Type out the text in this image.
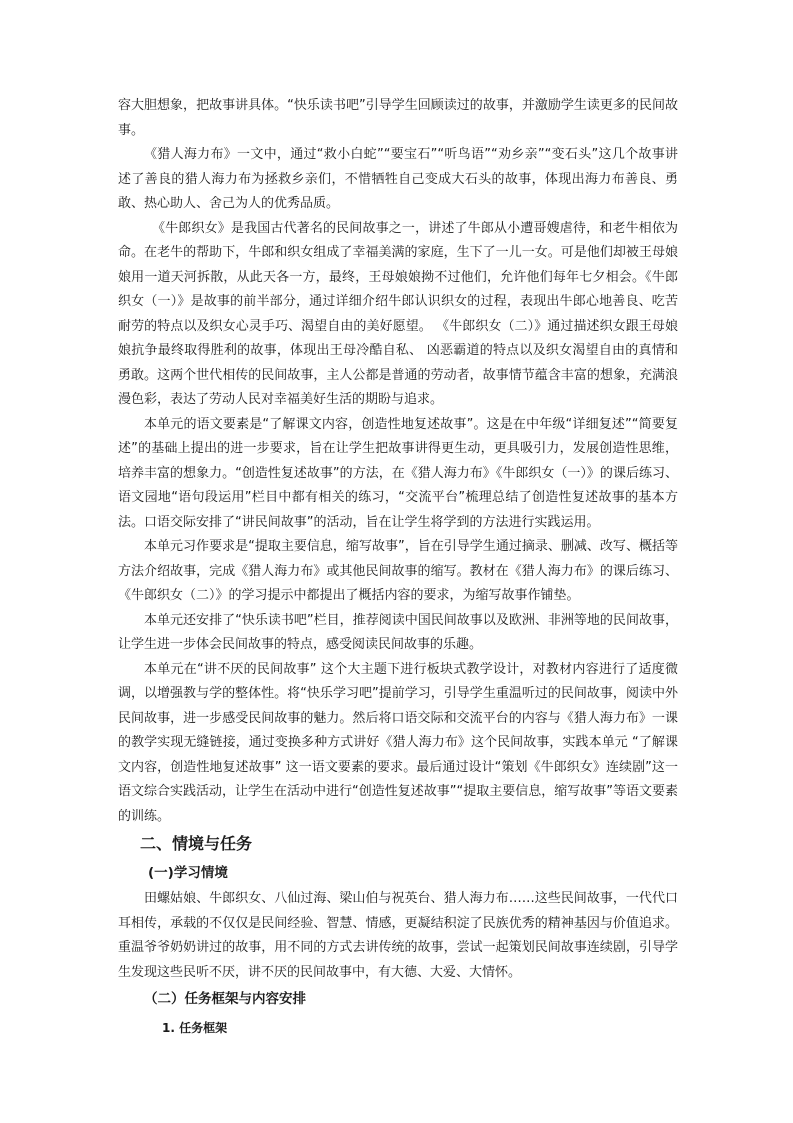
容大胆想象，把故事讲具体。“快乐读书吧”引导学生回顾读过的故事，并激励学生读更多的民间故事。

《猎人海力布》一文中，通过“救小白蛇”“要宝石”“听鸟语”“劝乡亲”“变石头”这几个故事讲述了善良的猎人海力布为拯救乡亲们，不惜牺牲自己变成大石头的故事，体现出海力布善良、勇敢、热心助人、舍己为人的优秀品质。

《牛郎织女》是我国古代著名的民间故事之一，讲述了牛郎从小遭哥嫂虐待，和老牛相依为命。在老牛的帮助下，牛郎和织女组成了幸福美满的家庭，生下了一儿一女。可是他们却被王母娘娘用一道天河拆散，从此天各一方，最终，王母娘娘拗不过他们，允许他们每年七夕相会。《牛郎织女（一）》是故事的前半部分，通过详细介绍牛郎认识织女的过程，表现出牛郎心地善良、吃苦耐劳的特点以及织女心灵手巧、渴望自由的美好愿望。 《牛郎织女（二）》通过描述织女跟王母娘娘抗争最终取得胜利的故事，体现出王母冷酷自私、 凶恶霸道的特点以及织女渴望自由的真情和勇敢。这两个世代相传的民间故事，主人公都是普通的劳动者，故事情节蕴含丰富的想象，充满浪漫色彩，表达了劳动人民对幸福美好生活的期盼与追求。

本单元的语文要素是“了解课文内容，创造性地复述故事”。这是在中年级“详细复述”“简要复述”的基础上提出的进一步要求，旨在让学生把故事讲得更生动，更具吸引力，发展创造性思维，培养丰富的想象力。“创造性复述故事”的方法，在《猎人海力布》《牛郎织女（一）》的课后练习、语文园地“语句段运用”栏目中都有相关的练习，“交流平台”梳理总结了创造性复述故事的基本方法。口语交际安排了“讲民间故事”的活动，旨在让学生将学到的方法进行实践运用。

本单元习作要求是“提取主要信息，缩写故事”，旨在引导学生通过摘录、删减、改写、概括等方法介绍故事，完成《猎人海力布》或其他民间故事的缩写。教材在《猎人海力布》的课后练习、《牛郎织女（二）》的学习提示中都提出了概括内容的要求，为缩写故事作铺垫。

本单元还安排了“快乐读书吧”栏目，推荐阅读中国民间故事以及欧洲、非洲等地的民间故事，让学生进一步体会民间故事的特点，感受阅读民间故事的乐趣。

本单元在“讲不厌的民间故事” 这个大主题下进行板块式教学设计，对教材内容进行了适度微调，以增强教与学的整体性。将“快乐学习吧”提前学习，引导学生重温听过的民间故事，阅读中外民间故事，进一步感受民间故事的魅力。然后将口语交际和交流平台的内容与《猎人海力布》一课的教学实现无缝链接，通过变换多种方式讲好《猎人海力布》这个民间故事，实践本单元 “了解课文内容，创造性地复述故事” 这一语文要素的要求。最后通过设计“策划《牛郎织女》连续剧”这一语文综合实践活动，让学生在活动中进行“创造性复述故事”“提取主要信息，缩写故事”等语文要素的训练。

二、情境与任务
(一)学习情境

田螺姑娘、牛郎织女、八仙过海、梁山伯与祝英台、猎人海力布……这些民间故事，一代代口耳相传，承载的不仅仅是民间经验、智慧、情感，更凝结积淀了民族优秀的精神基因与价值追求。重温爷爷奶奶讲过的故事，用不同的方式去讲传统的故事，尝试一起策划民间故事连续剧，引导学生发现这些民听不厌，讲不厌的民间故事中，有大德、大爱、大情怀。

（二）任务框架与内容安排
1. 任务框架
